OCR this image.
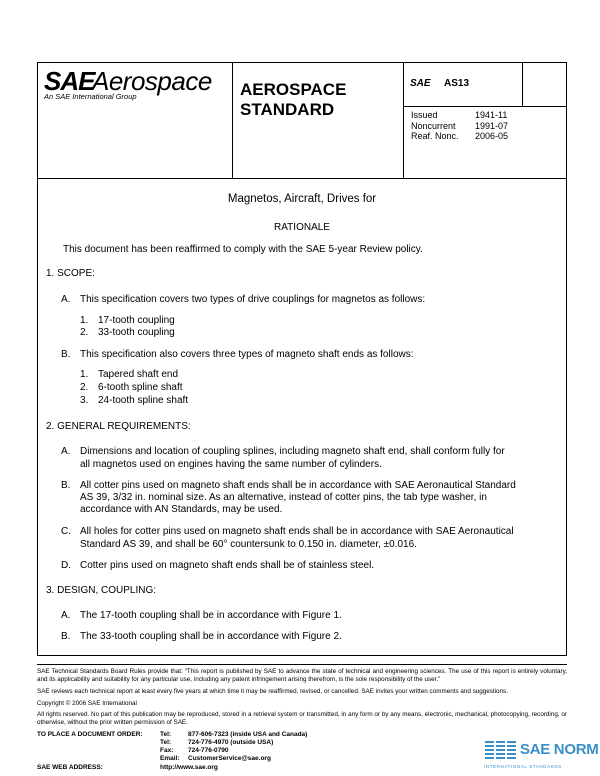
SAE
Aerospace
An SAE International Group	AEROSPACE
STANDARD
SAE AS13
Issued	1941-11
Noncurrent	1991-07
Reaf. Nonc.	2006-05
Magnetos, Aircraft, Drives for
RATIONALE
This document has been reaffirmed to comply with the SAE 5-year Review policy.
1. SCOPE:
A. This specification covers two types of drive couplings for magnetos as follows:
1. 17-tooth coupling
2. 33-tooth coupling
B. This specification also covers three types of magneto shaft ends as follows:
1. Tapered shaft end
2. 6-tooth spline shaft
3. 24-tooth spline shaft
2. GENERAL REQUIREMENTS:
A. Dimensions and location of coupling splines, including magneto shaft end, shall conform fully for
all magnetos used on engines having the same number of cylinders.
B. All cotter pins used on magneto shaft ends shall be in accordance with SAE Aeronautical Standard
AS 39, 3/32 in. nominal size. As an alternative, instead of cotter pins, the tab type washer, in
accordance with AN Standards, may be used.
C. All holes for cotter pins used on magneto shaft ends shall be in accordance with SAE Aeronautical
Standard AS 39, and shall be 60° countersunk to 0.150 in. diameter, ±0.016.
D. Cotter pins used on magneto shaft ends shall be of stainless steel.
3. DESIGN, COUPLING:
A. The 17-tooth coupling shall be in accordance with Figure 1.
B. The 33-tooth coupling shall be in accordance with Figure 2.
SAE Technical Standards Board Rules provide that: “This report is published by SAE to advance the state of technical and engineering sciences. The use of this report is entirely voluntary, and its applicability and suitability for any particular use, including any patent infringement arising therefrom, is the sole responsibility of the user.”
SAE reviews each technical report at least every five years at which time it may be reaffirmed, revised, or cancelled. SAE invites your written comments and suggestions.
Copyright © 2006 SAE International
All rights reserved. No part of this publication may be reproduced, stored in a retrieval system or transmitted, in any form or by any means, electronic, mechanical, photocopying, recording, or otherwise, without the prior written permission of SAE.
TO PLACE A DOCUMENT ORDER:	Tel:	877-606-7323 (inside USA and Canada)
Tel:	724-776-4970 (outside USA)
Fax: 724-776-0790
Email: CustomerService@sae.org
SAE WEB ADDRESS:	http://www.sae.org
SAE NORM
INTERNATIONAL STANDARDS
